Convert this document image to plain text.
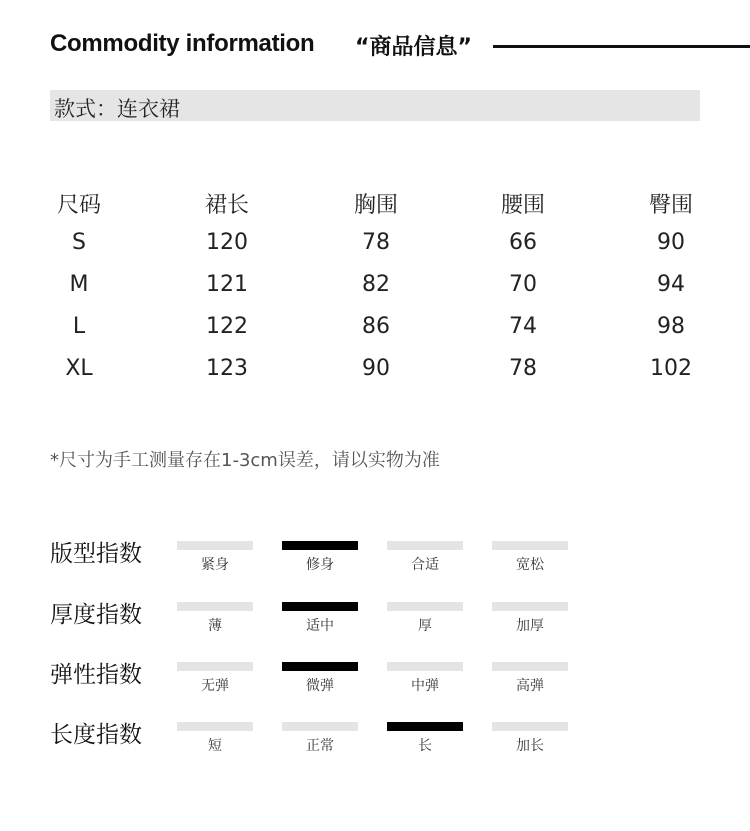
Commodity information “商品信息”
款式：连衣裙
尺码	裙长	胸围	腰围	臀围
S	120	78	66	90
M	121	82	70	94
L	122	86	74	98
XL	123	90	78	102
*尺寸为手工测量存在1-3cm误差，请以实物为准
版型指数	紧身	修身	合适	宽松
厚度指数	薄	适中	厚	加厚
弹性指数	无弹	微弹	中弹	高弹
长度指数	短	正常	长	加长
